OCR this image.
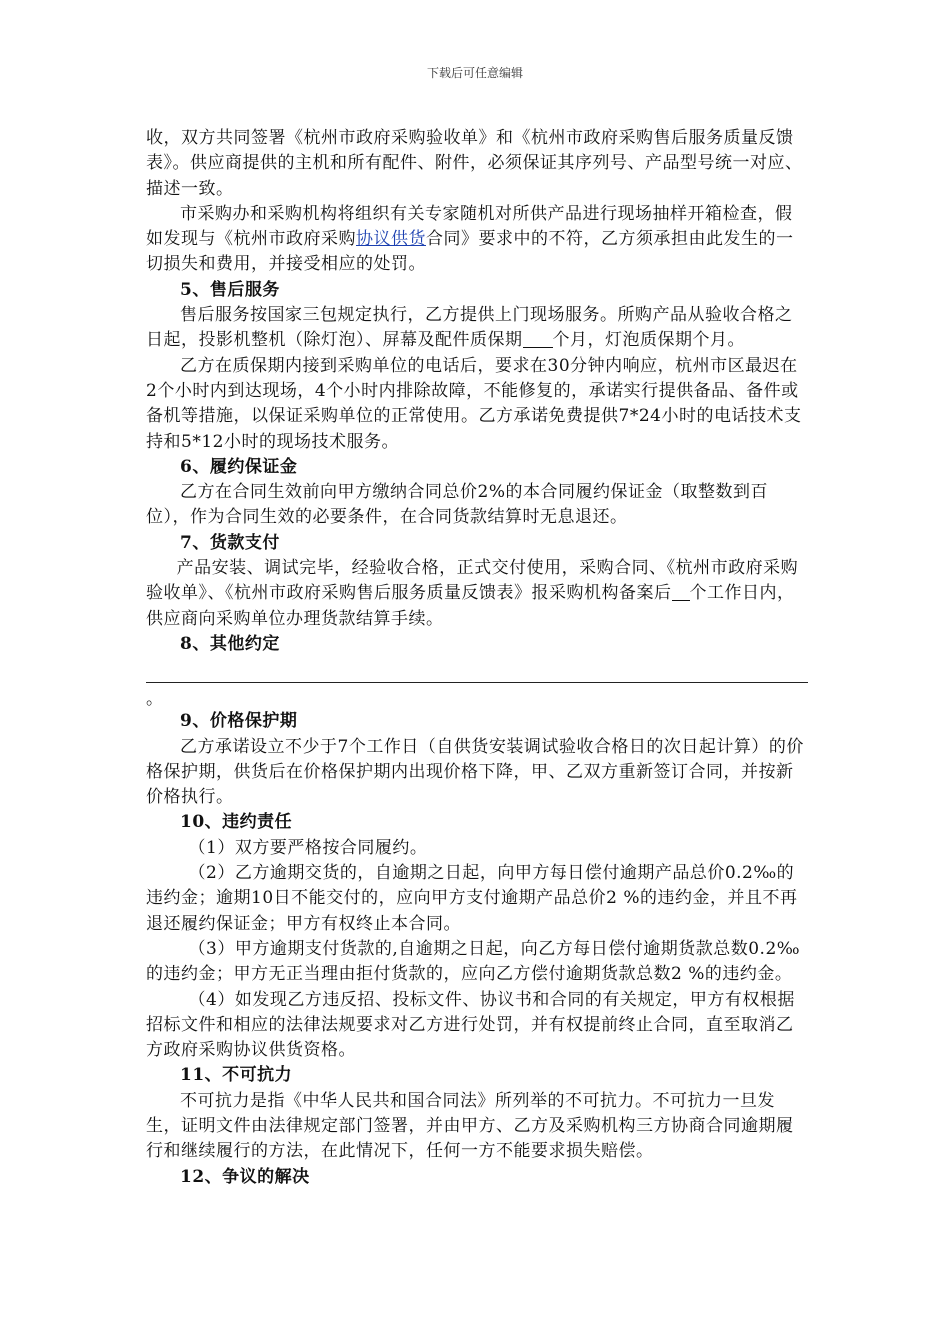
下载后可任意编辑

收，双方共同签署《杭州市政府采购验收单》和《杭州市政府采购售后服务质量反馈表》。供应商提供的主机和所有配件、附件，必须保证其序列号、产品型号统一对应、描述一致。

市采购办和采购机构将组织有关专家随机对所供产品进行现场抽样开箱检查，假如发现与《杭州市政府采购协议供货合同》要求中的不符，乙方须承担由此发生的一切损失和费用，并接受相应的处罚。

5、售后服务

售后服务按国家三包规定执行，乙方提供上门现场服务。所购产品从验收合格之日起，投影机整机（除灯泡）、屏幕及配件质保期 个月，灯泡质保期个月。

乙方在质保期内接到采购单位的电话后，要求在30分钟内响应，杭州市区最迟在2个小时内到达现场，4个小时内排除故障，不能修复的，承诺实行提供备品、备件或备机等措施，以保证采购单位的正常使用。乙方承诺免费提供7*24小时的电话技术支持和5*12小时的现场技术服务。

6、履约保证金

乙方在合同生效前向甲方缴纳合同总价2%的本合同履约保证金（取整数到百位），作为合同生效的必要条件，在合同货款结算时无息退还。

7、货款支付

产品安装、调试完毕，经验收合格，正式交付使用，采购合同、《杭州市政府采购验收单》、《杭州市政府采购售后服务质量反馈表》报采购机构备案后 个工作日内，供应商向采购单位办理货款结算手续。

8、其他约定

。

9、价格保护期

乙方承诺设立不少于7个工作日（自供货安装调试验收合格日的次日起计算）的价格保护期，供货后在价格保护期内出现价格下降，甲、乙双方重新签订合同，并按新价格执行。

10、违约责任

（1）双方要严格按合同履约。

（2）乙方逾期交货的，自逾期之日起，向甲方每日偿付逾期产品总价0.2‰的违约金；逾期10日不能交付的，应向甲方支付逾期产品总价2 %的违约金，并且不再退还履约保证金；甲方有权终止本合同。

（3）甲方逾期支付货款的,自逾期之日起，向乙方每日偿付逾期货款总数0.2‰的违约金；甲方无正当理由拒付货款的，应向乙方偿付逾期货款总数2 %的违约金。

（4）如发现乙方违反招、投标文件、协议书和合同的有关规定，甲方有权根据招标文件和相应的法律法规要求对乙方进行处罚，并有权提前终止合同，直至取消乙方政府采购协议供货资格。

11、不可抗力

不可抗力是指《中华人民共和国合同法》所列举的不可抗力。不可抗力一旦发生，证明文件由法律规定部门签署，并由甲方、乙方及采购机构三方协商合同逾期履行和继续履行的方法，在此情况下，任何一方不能要求损失赔偿。

12、争议的解决
